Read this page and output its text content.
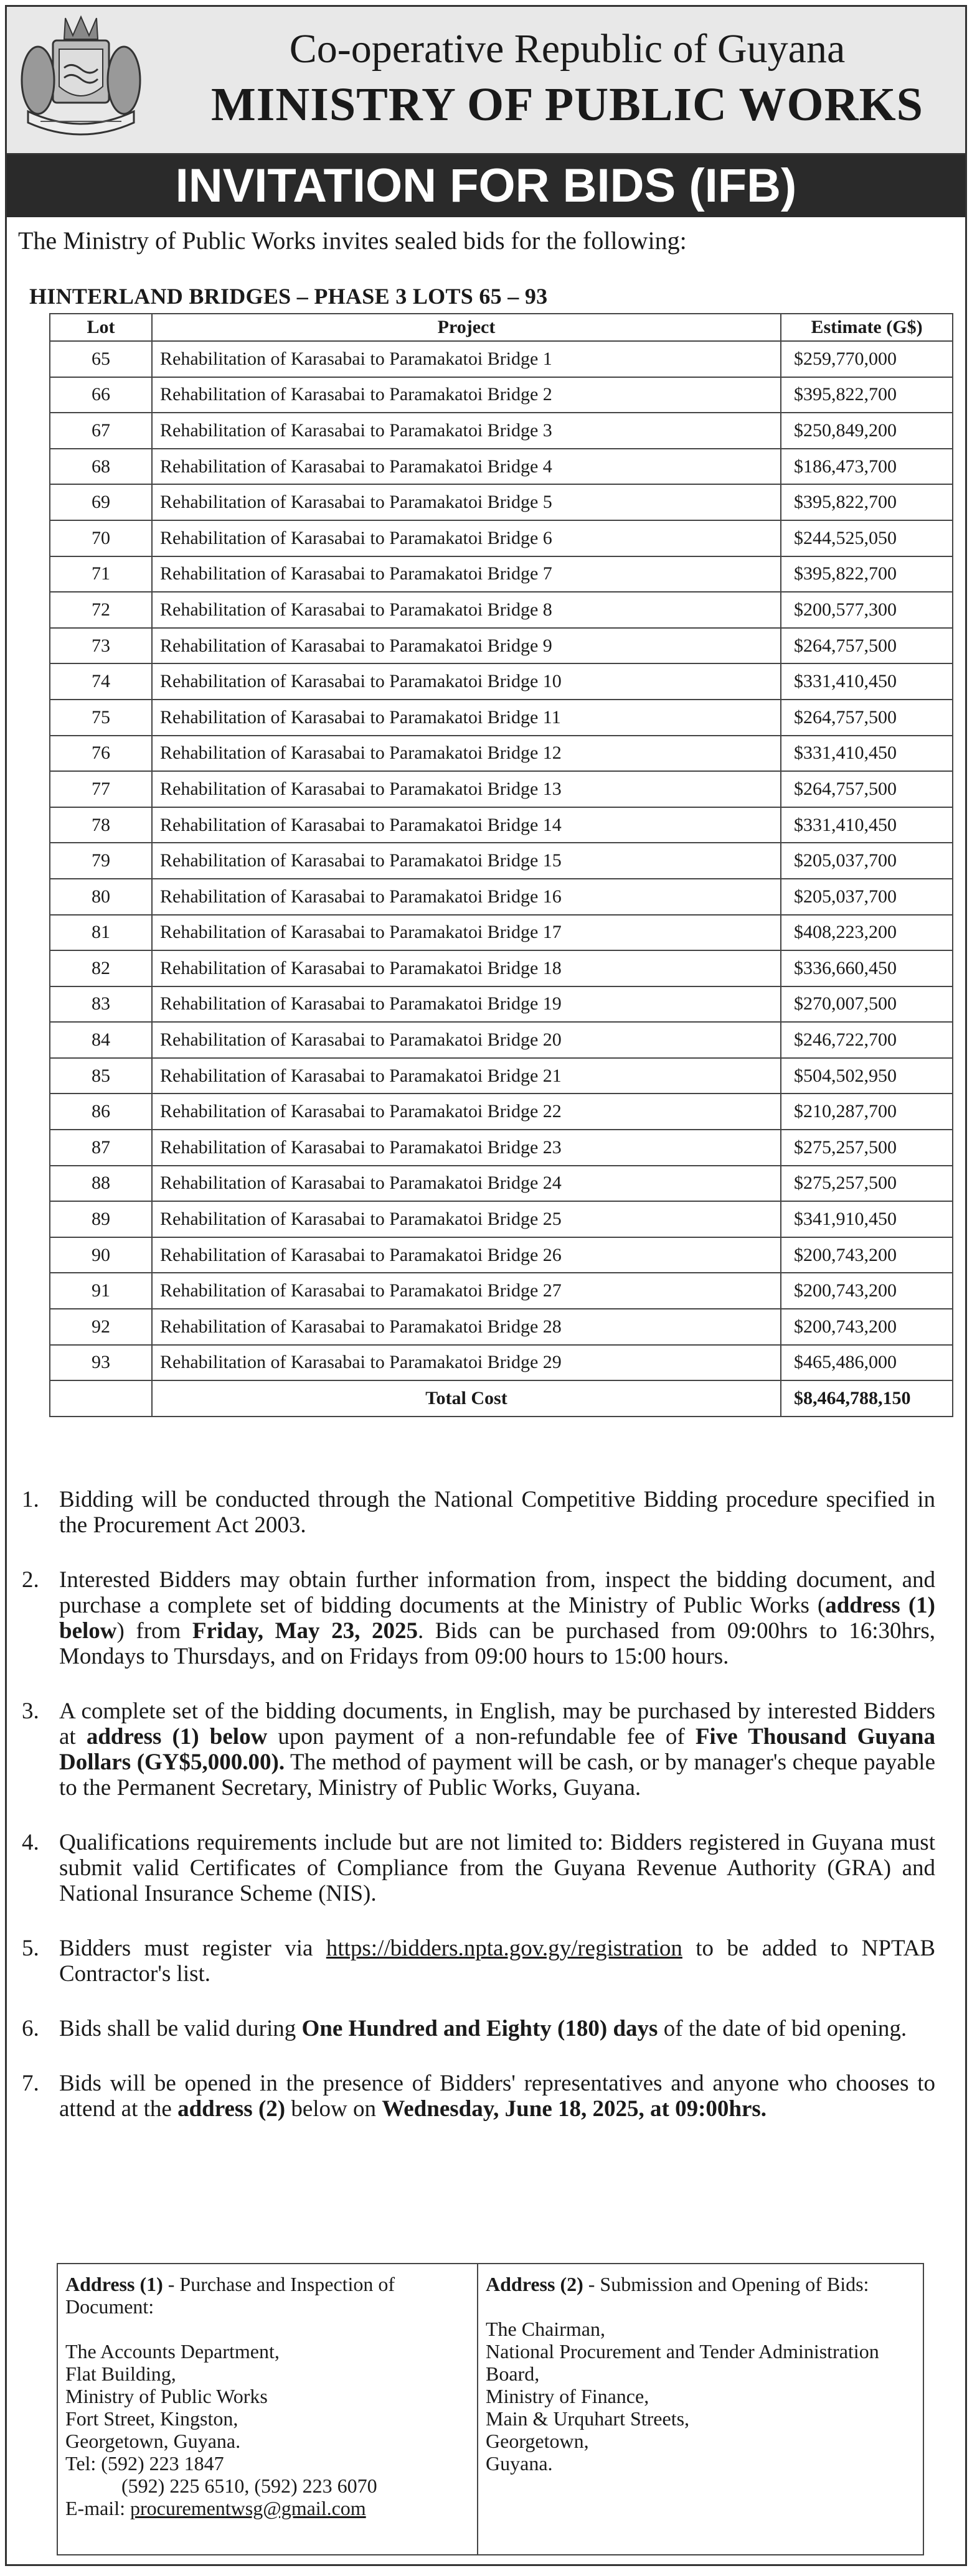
Co-operative Republic of Guyana
MINISTRY OF PUBLIC WORKS
INVITATION FOR BIDS (IFB)
The Ministry of Public Works invites sealed bids for the following:
HINTERLAND BRIDGES – PHASE 3 LOTS 65 – 93
Lot	Project	Estimate (G$)
65	Rehabilitation of Karasabai to Paramakatoi Bridge 1	$259,770,000
66	Rehabilitation of Karasabai to Paramakatoi Bridge 2	$395,822,700
67	Rehabilitation of Karasabai to Paramakatoi Bridge 3	$250,849,200
68	Rehabilitation of Karasabai to Paramakatoi Bridge 4	$186,473,700
69	Rehabilitation of Karasabai to Paramakatoi Bridge 5	$395,822,700
70	Rehabilitation of Karasabai to Paramakatoi Bridge 6	$244,525,050
71	Rehabilitation of Karasabai to Paramakatoi Bridge 7	$395,822,700
72	Rehabilitation of Karasabai to Paramakatoi Bridge 8	$200,577,300
73	Rehabilitation of Karasabai to Paramakatoi Bridge 9	$264,757,500
74	Rehabilitation of Karasabai to Paramakatoi Bridge 10	$331,410,450
75	Rehabilitation of Karasabai to Paramakatoi Bridge 11	$264,757,500
76	Rehabilitation of Karasabai to Paramakatoi Bridge 12	$331,410,450
77	Rehabilitation of Karasabai to Paramakatoi Bridge 13	$264,757,500
78	Rehabilitation of Karasabai to Paramakatoi Bridge 14	$331,410,450
79	Rehabilitation of Karasabai to Paramakatoi Bridge 15	$205,037,700
80	Rehabilitation of Karasabai to Paramakatoi Bridge 16	$205,037,700
81	Rehabilitation of Karasabai to Paramakatoi Bridge 17	$408,223,200
82	Rehabilitation of Karasabai to Paramakatoi Bridge 18	$336,660,450
83	Rehabilitation of Karasabai to Paramakatoi Bridge 19	$270,007,500
84	Rehabilitation of Karasabai to Paramakatoi Bridge 20	$246,722,700
85	Rehabilitation of Karasabai to Paramakatoi Bridge 21	$504,502,950
86	Rehabilitation of Karasabai to Paramakatoi Bridge 22	$210,287,700
87	Rehabilitation of Karasabai to Paramakatoi Bridge 23	$275,257,500
88	Rehabilitation of Karasabai to Paramakatoi Bridge 24	$275,257,500
89	Rehabilitation of Karasabai to Paramakatoi Bridge 25	$341,910,450
90	Rehabilitation of Karasabai to Paramakatoi Bridge 26	$200,743,200
91	Rehabilitation of Karasabai to Paramakatoi Bridge 27	$200,743,200
92	Rehabilitation of Karasabai to Paramakatoi Bridge 28	$200,743,200
93	Rehabilitation of Karasabai to Paramakatoi Bridge 29	$465,486,000
	Total Cost	$8,464,788,150
1. Bidding will be conducted through the National Competitive Bidding procedure specified in the Procurement Act 2003.
2. Interested Bidders may obtain further information from, inspect the bidding document, and purchase a complete set of bidding documents at the Ministry of Public Works (address (1) below) from Friday, May 23, 2025. Bids can be purchased from 09:00hrs to 16:30hrs, Mondays to Thursdays, and on Fridays from 09:00 hours to 15:00 hours.
3. A complete set of the bidding documents, in English, may be purchased by interested Bidders at address (1) below upon payment of a non-refundable fee of Five Thousand Guyana Dollars (GY$5,000.00). The method of payment will be cash, or by manager's cheque payable to the Permanent Secretary, Ministry of Public Works, Guyana.
4. Qualifications requirements include but are not limited to: Bidders registered in Guyana must submit valid Certificates of Compliance from the Guyana Revenue Authority (GRA) and National Insurance Scheme (NIS).
5. Bidders must register via https://bidders.npta.gov.gy/registration to be added to NPTAB Contractor's list.
6. Bids shall be valid during One Hundred and Eighty (180) days of the date of bid opening.
7. Bids will be opened in the presence of Bidders' representatives and anyone who chooses to attend at the address (2) below on Wednesday, June 18, 2025, at 09:00hrs.
Address (1) - Purchase and Inspection of Document:
The Accounts Department,
Flat Building,
Ministry of Public Works
Fort Street, Kingston,
Georgetown, Guyana.
Tel: (592) 223 1847
(592) 225 6510, (592) 223 6070
E-mail: procurementwsg@gmail.com
Address (2) - Submission and Opening of Bids:
The Chairman,
National Procurement and Tender Administration Board,
Ministry of Finance,
Main & Urquhart Streets,
Georgetown,
Guyana.
